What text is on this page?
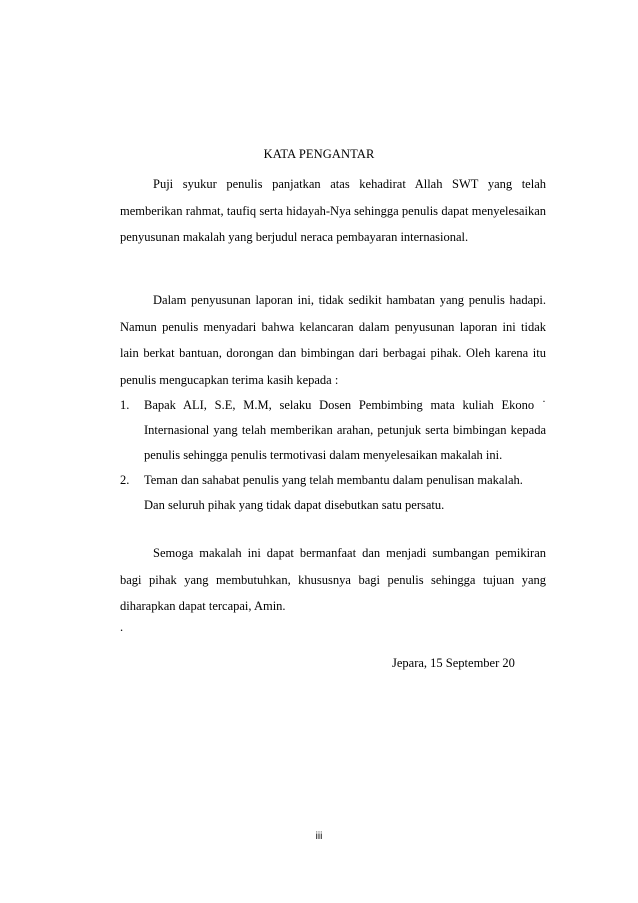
KATA PENGANTAR

Puji syukur penulis panjatkan atas kehadirat Allah SWT yang telah memberikan rahmat, taufiq serta hidayah-Nya sehingga penulis dapat menyelesaikan penyusunan makalah yang berjudul neraca pembayaran internasional.

Dalam penyusunan laporan ini, tidak sedikit hambatan yang penulis hadapi. Namun penulis menyadari bahwa kelancaran dalam penyusunan laporan ini tidak lain berkat bantuan, dorongan dan bimbingan dari berbagai pihak. Oleh karena itu penulis mengucapkan terima kasih kepada :

1. Bapak ALI, S.E, M.M, selaku Dosen Pembimbing mata kuliah Ekono ˙ Internasional yang telah memberikan arahan, petunjuk serta bimbingan kepada penulis sehingga penulis termotivasi dalam menyelesaikan makalah ini.
2. Teman dan sahabat penulis yang telah membantu dalam penulisan makalah.
Dan seluruh pihak yang tidak dapat disebutkan satu persatu.

Semoga makalah ini dapat bermanfaat dan menjadi sumbangan pemikiran bagi pihak yang membutuhkan, khususnya bagi penulis sehingga tujuan yang diharapkan dapat tercapai, Amin.

.
Jepara, 15 September 20
iii
